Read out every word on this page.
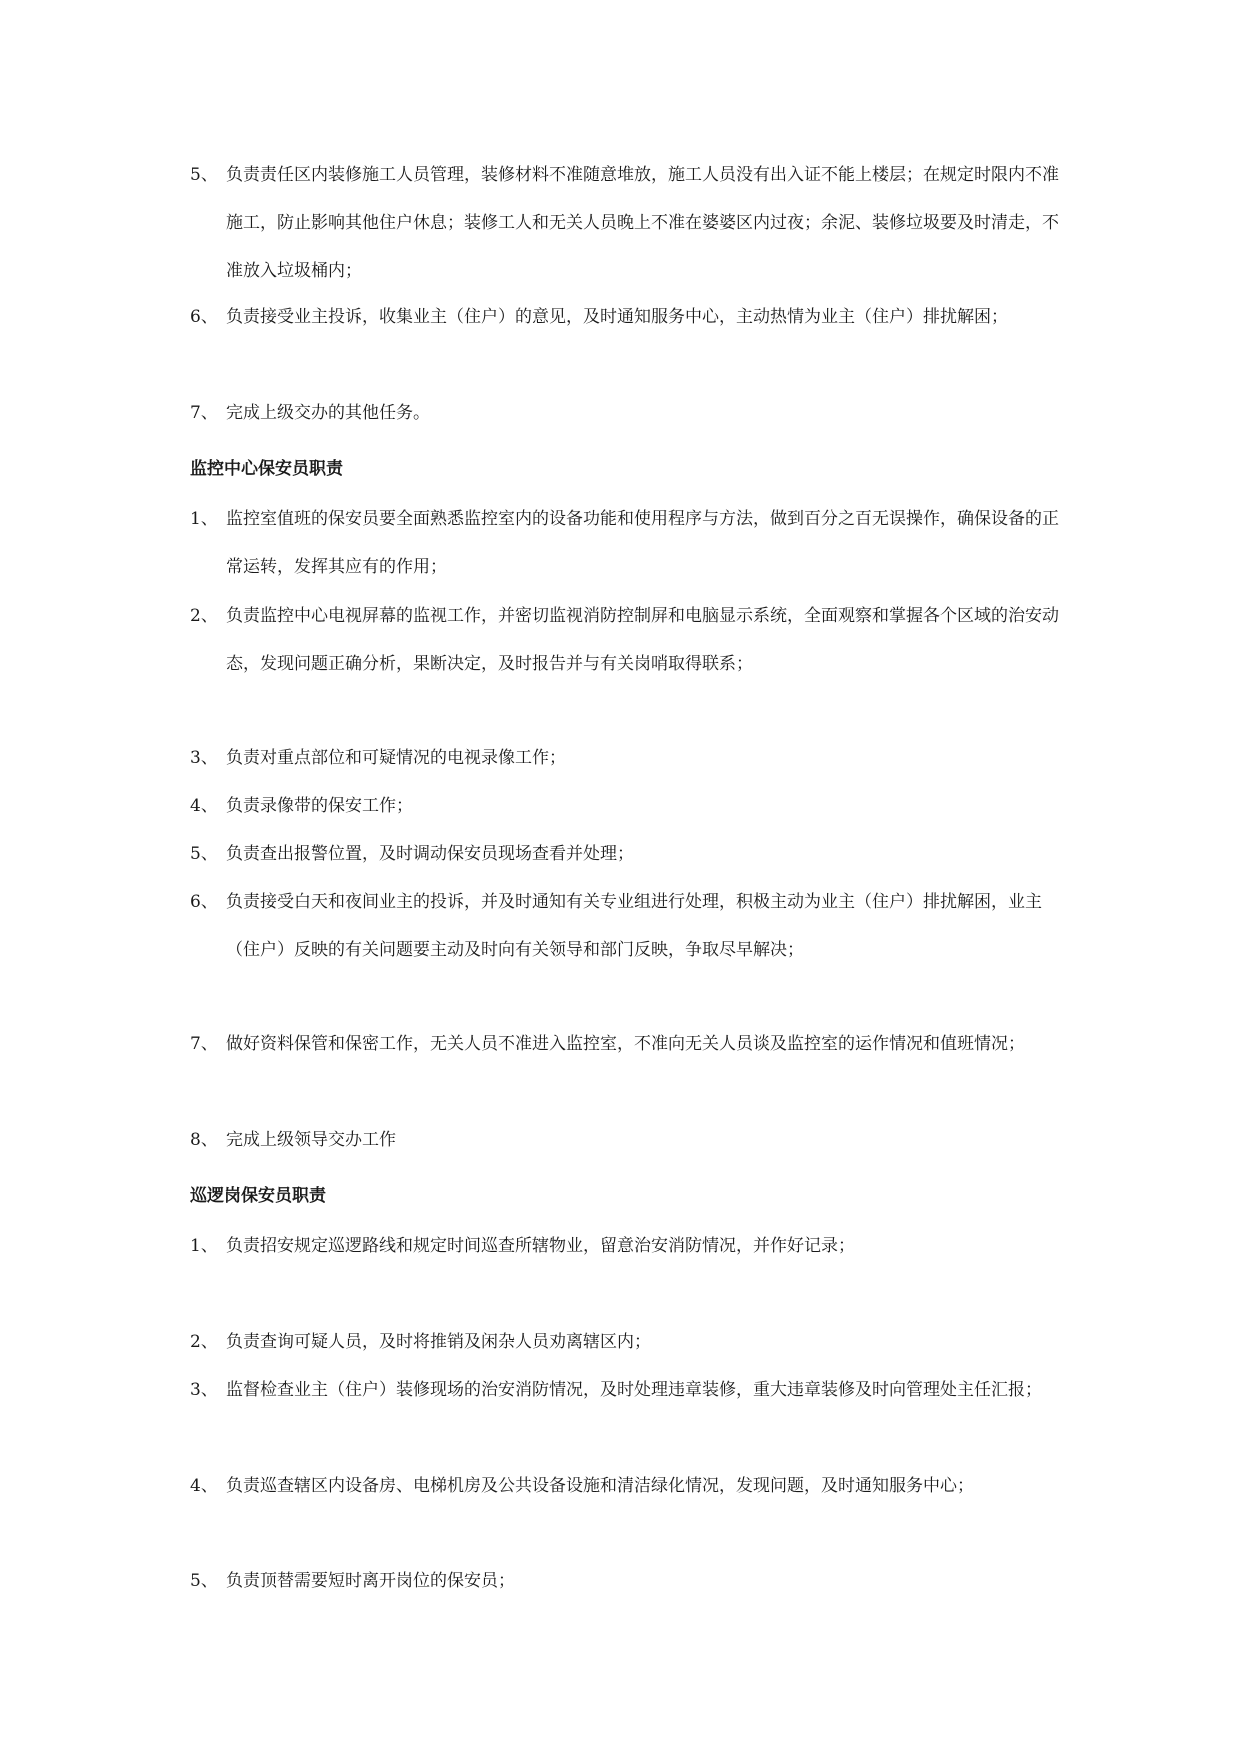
5、 负责责任区内装修施工人员管理，装修材料不准随意堆放，施工人员没有出入证不能上楼层；在规定时限内不准施工，防止影响其他住户休息；装修工人和无关人员晚上不准在婆婆区内过夜；余泥、装修垃圾要及时清走，不准放入垃圾桶内；
6、 负责接受业主投诉，收集业主（住户）的意见，及时通知服务中心，主动热情为业主（住户）排扰解困；
7、 完成上级交办的其他任务。
监控中心保安员职责
1、 监控室值班的保安员要全面熟悉监控室内的设备功能和使用程序与方法，做到百分之百无误操作，确保设备的正常运转，发挥其应有的作用；
2、 负责监控中心电视屏幕的监视工作，并密切监视消防控制屏和电脑显示系统，全面观察和掌握各个区域的治安动态，发现问题正确分析，果断决定，及时报告并与有关岗哨取得联系；
3、 负责对重点部位和可疑情况的电视录像工作；
4、 负责录像带的保安工作；
5、 负责查出报警位置，及时调动保安员现场查看并处理；
6、 负责接受白天和夜间业主的投诉，并及时通知有关专业组进行处理，积极主动为业主（住户）排扰解困，业主（住户）反映的有关问题要主动及时向有关领导和部门反映，争取尽早解决；
7、 做好资料保管和保密工作，无关人员不准进入监控室，不准向无关人员谈及监控室的运作情况和值班情况；
8、 完成上级领导交办工作
巡逻岗保安员职责
1、 负责招安规定巡逻路线和规定时间巡查所辖物业，留意治安消防情况，并作好记录；
2、 负责查询可疑人员，及时将推销及闲杂人员劝离辖区内；
3、 监督检查业主（住户）装修现场的治安消防情况，及时处理违章装修，重大违章装修及时向管理处主任汇报；
4、 负责巡查辖区内设备房、电梯机房及公共设备设施和清洁绿化情况，发现问题，及时通知服务中心；
5、 负责顶替需要短时离开岗位的保安员；
